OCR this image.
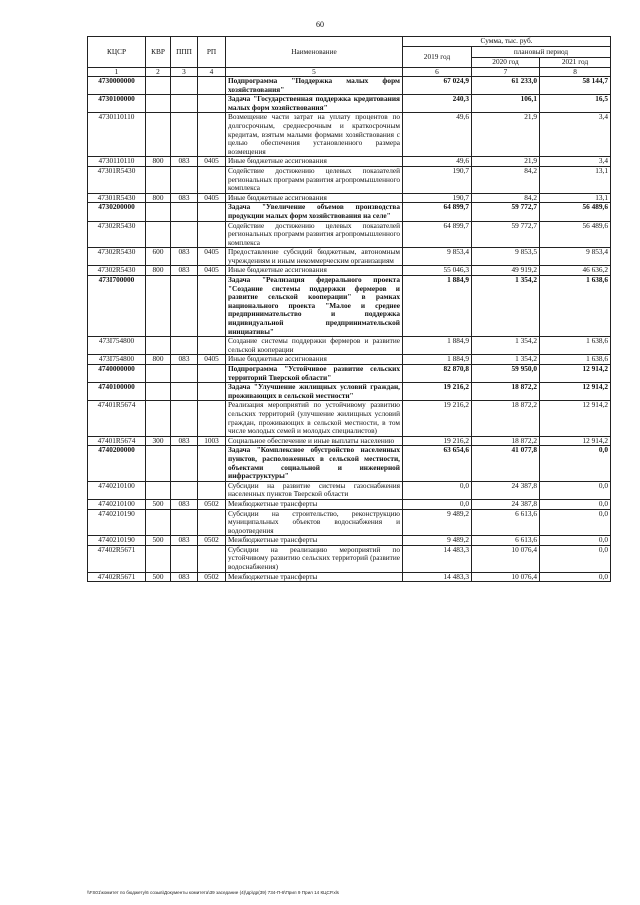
60
КЦСР	КВР	ППП	РП	Наименование	Сумма, тыс. руб.		
					2019 год	плановый период	
						2020 год	2021 год
1	2	3	4	5	6	7	8
4730000000				Подпрограмма "Поддержка малых форм хозяйствования"	67 024,9	61 233,0	58 144,7
4730100000				Задача "Государственная поддержка кредитования малых форм хозяйствования"	240,3	106,1	16,5
4730110110				Возмещение части затрат на уплату процентов по долгосрочным, среднесрочным и краткосрочным кредитам, взятым малыми формами хозяйствования с целью обеспечения установленного размера возмещения	49,6	21,9	3,4
4730110110	800	083	0405	Иные бюджетные ассигнования	49,6	21,9	3,4
47301R5430				Содействие достижению целевых показателей региональных программ развития агропромышленного комплекса	190,7	84,2	13,1
47301R5430	800	083	0405	Иные бюджетные ассигнования	190,7	84,2	13,1
4730200000				Задача "Увеличение объемов производства продукции малых форм хозяйствования на селе"	64 899,7	59 772,7	56 489,6
47302R5430				Содействие достижению целевых показателей региональных программ развития агропромышленного комплекса	64 899,7	59 772,7	56 489,6
47302R5430	600	083	0405	Предоставление субсидий бюджетным, автономным учреждениям и иным некоммерческим организациям	9 853,4	9 853,5	9 853,4
47302R5430	800	083	0405	Иные бюджетные ассигнования	55 046,3	49 919,2	46 636,2
473I700000				Задача "Реализация федерального проекта "Создание системы поддержки фермеров и развитие сельской кооперации" в рамках национального проекта "Малое и среднее предпринимательство и поддержка индивидуальной предпринимательской инициативы"	1 884,9	1 354,2	1 638,6
473I754800				Создание системы поддержки фермеров и развитие сельской кооперации	1 884,9	1 354,2	1 638,6
473I754800	800	083	0405	Иные бюджетные ассигнования	1 884,9	1 354,2	1 638,6
4740000000				Подпрограмма "Устойчивое развитие сельских территорий Тверской области"	82 870,8	59 950,0	12 914,2
4740100000				Задача "Улучшение жилищных условий граждан, проживающих в сельской местности"	19 216,2	18 872,2	12 914,2
47401R5674				Реализация мероприятий по устойчивому развитию сельских территорий (улучшение жилищных условий граждан, проживающих в сельской местности, в том числе молодых семей и молодых специалистов)	19 216,2	18 872,2	12 914,2
47401R5674	300	083	1003	Социальное обеспечение и иные выплаты населению	19 216,2	18 872,2	12 914,2
4740200000				Задача "Комплексное обустройство населенных пунктов, расположенных в сельской местности, объектами социальной и инженерной инфраструктуры"	63 654,6	41 077,8	0,0
4740210100				Субсидии на развитие системы газоснабжения населенных пунктов Тверской области	0,0	24 387,8	0,0
4740210100	500	083	0502	Межбюджетные трансферты	0,0	24 387,8	0,0
4740210190				Субсидии на строительство, реконструкцию муниципальных объектов водоснабжения и водоотведения	9 489,2	6 613,6	0,0
4740210190	500	083	0502	Межбюджетные трансферты	9 489,2	6 613,6	0,0
47402R5671				Субсидии на реализацию мероприятий по устойчивому развитию сельских территорий (развитие водоснабжения)	14 483,3	10 076,4	0,0
47402R5671	500	083	0502	Межбюджетные трансферты	14 483,3	10 076,4	0,0
\\FS01\комитет по бюджету\6 созыв\Документы комитета\39 заседание (4)\др\др(39) 734-П-6\Прил 9 Прил 14 КЦСР.xls
